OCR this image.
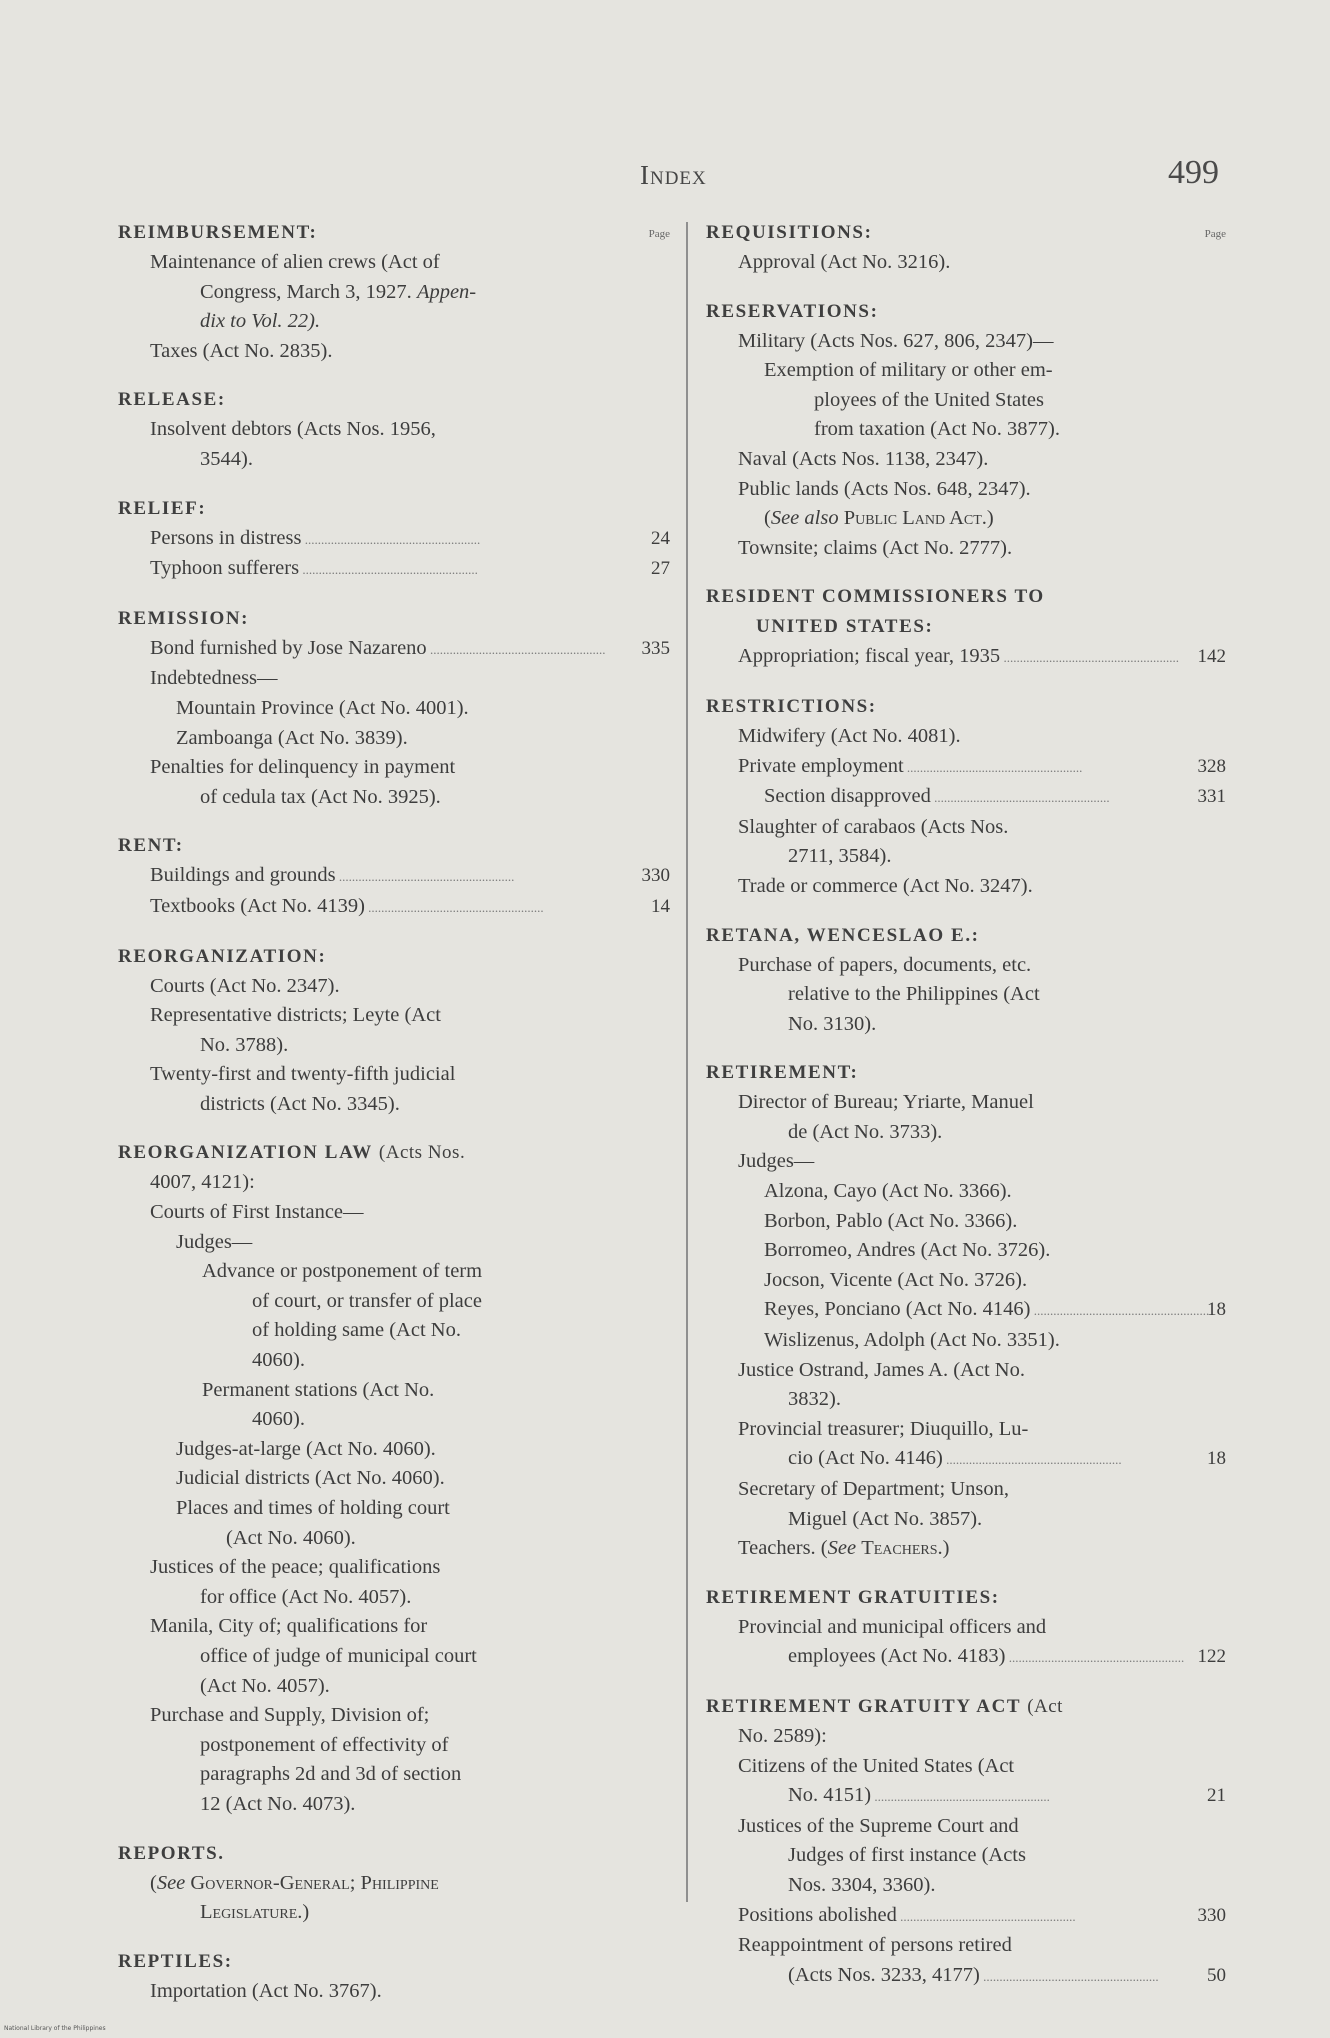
Index	499
Page
REIMBURSEMENT:
Maintenance of alien crews (Act of
Congress, March 3, 1927. Appen-
dix to Vol. 22).
Taxes (Act No. 2835).
RELEASE:
Insolvent debtors (Acts Nos. 1956,
3544).
RELIEF:
Persons in distress .....	24
Typhoon sufferers .....	27
REMISSION:
Bond furnished by Jose Nazareno .....	335
Indebtedness—
Mountain Province (Act No. 4001).
Zamboanga (Act No. 3839).
Penalties for delinquency in payment
of cedula tax (Act No. 3925).
RENT:
Buildings and grounds .....	330
Textbooks (Act No. 4139) .....	14
REORGANIZATION:
Courts (Act No. 2347).
Representative districts; Leyte (Act
No. 3788).
Twenty-first and twenty-fifth judicial
districts (Act No. 3345).
REORGANIZATION LAW (Acts Nos.
4007, 4121):
Courts of First Instance—
Judges—
Advance or postponement of term
of court, or transfer of place
of holding same (Act No.
4060).
Permanent stations (Act No.
4060).
Judges-at-large (Act No. 4060).
Judicial districts (Act No. 4060).
Places and times of holding court
(Act No. 4060).
Justices of the peace; qualifications
for office (Act No. 4057).
Manila, City of; qualifications for
office of judge of municipal court
(Act No. 4057).
Purchase and Supply, Division of;
postponement of effectivity of
paragraphs 2d and 3d of section
12 (Act No. 4073).
REPORTS.
(See Governor-General; Philippine
Legislature.)
REPTILES:
Importation (Act No. 3767).
Page
REQUISITIONS:
Approval (Act No. 3216).
RESERVATIONS:
Military (Acts Nos. 627, 806, 2347)—
Exemption of military or other em-
ployees of the United States
from taxation (Act No. 3877).
Naval (Acts Nos. 1138, 2347).
Public lands (Acts Nos. 648, 2347).
(See also Public Land Act.)
Townsite; claims (Act No. 2777).
RESIDENT COMMISSIONERS TO
UNITED STATES:
Appropriation; fiscal year, 1935 .....	142
RESTRICTIONS:
Midwifery (Act No. 4081).
Private employment .....	328
Section disapproved .....	331
Slaughter of carabaos (Acts Nos.
2711, 3584).
Trade or commerce (Act No. 3247).
RETANA, WENCESLAO E.:
Purchase of papers, documents, etc.
relative to the Philippines (Act
No. 3130).
RETIREMENT:
Director of Bureau; Yriarte, Manuel
de (Act No. 3733).
Judges—
Alzona, Cayo (Act No. 3366).
Borbon, Pablo (Act No. 3366).
Borromeo, Andres (Act No. 3726).
Jocson, Vicente (Act No. 3726).
Reyes, Ponciano (Act No. 4146) .....	18
Wislizenus, Adolph (Act No. 3351).
Justice Ostrand, James A. (Act No.
3832).
Provincial treasurer; Diuquillo, Lu-
cio (Act No. 4146) .....	18
Secretary of Department; Unson,
Miguel (Act No. 3857).
Teachers. (See Teachers.)
RETIREMENT GRATUITIES:
Provincial and municipal officers and
employees (Act No. 4183) .....	122
RETIREMENT GRATUITY ACT (Act
No. 2589):
Citizens of the United States (Act
No. 4151) .....	21
Justices of the Supreme Court and
Judges of first instance (Acts
Nos. 3304, 3360).
Positions abolished .....	330
Reappointment of persons retired
(Acts Nos. 3233, 4177) .....	50
National Library of the Philippines
